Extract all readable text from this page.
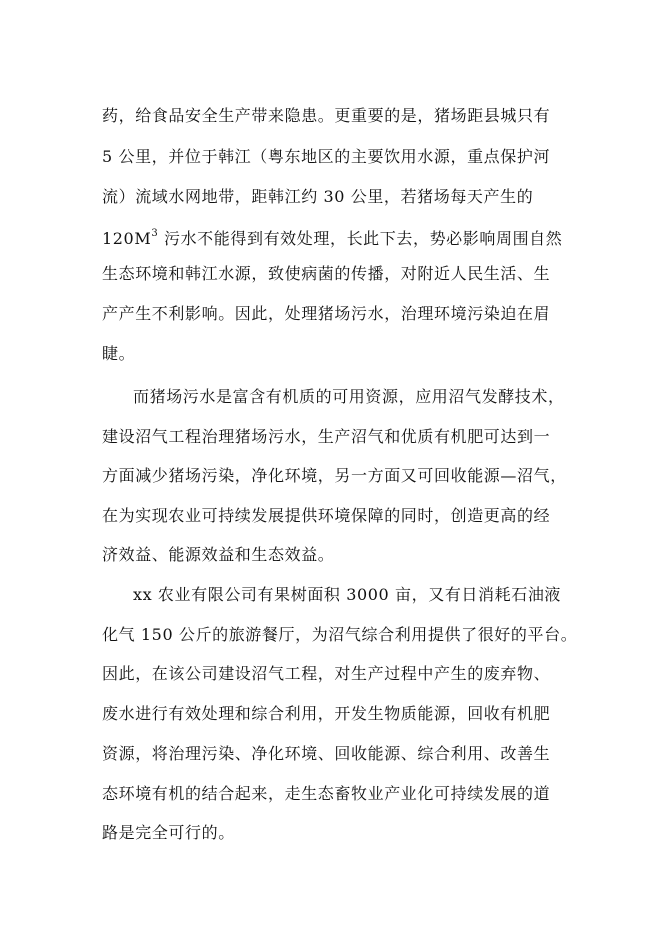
药，给食品安全生产带来隐患。更重要的是，猪场距县城只有
5 公里，并位于韩江（粤东地区的主要饮用水源，重点保护河
流）流域水网地带，距韩江约 30 公里，若猪场每天产生的
$120M^3$ 污水不能得到有效处理，长此下去，势必影响周围自然
生态环境和韩江水源，致使病菌的传播，对附近人民生活、生
产产生不利影响。因此，处理猪场污水，治理环境污染迫在眉
睫。
而猪场污水是富含有机质的可用资源，应用沼气发酵技术，
建设沼气工程治理猪场污水，生产沼气和优质有机肥可达到一
方面减少猪场污染，净化环境，另一方面又可回收能源—沼气，
在为实现农业可持续发展提供环境保障的同时，创造更高的经
济效益、能源效益和生态效益。
xx 农业有限公司有果树面积 3000 亩，又有日消耗石油液
化气 150 公斤的旅游餐厅，为沼气综合利用提供了很好的平台。
因此，在该公司建设沼气工程，对生产过程中产生的废弃物、
废水进行有效处理和综合利用，开发生物质能源，回收有机肥
资源，将治理污染、净化环境、回收能源、综合利用、改善生
态环境有机的结合起来，走生态畜牧业产业化可持续发展的道
路是完全可行的。
